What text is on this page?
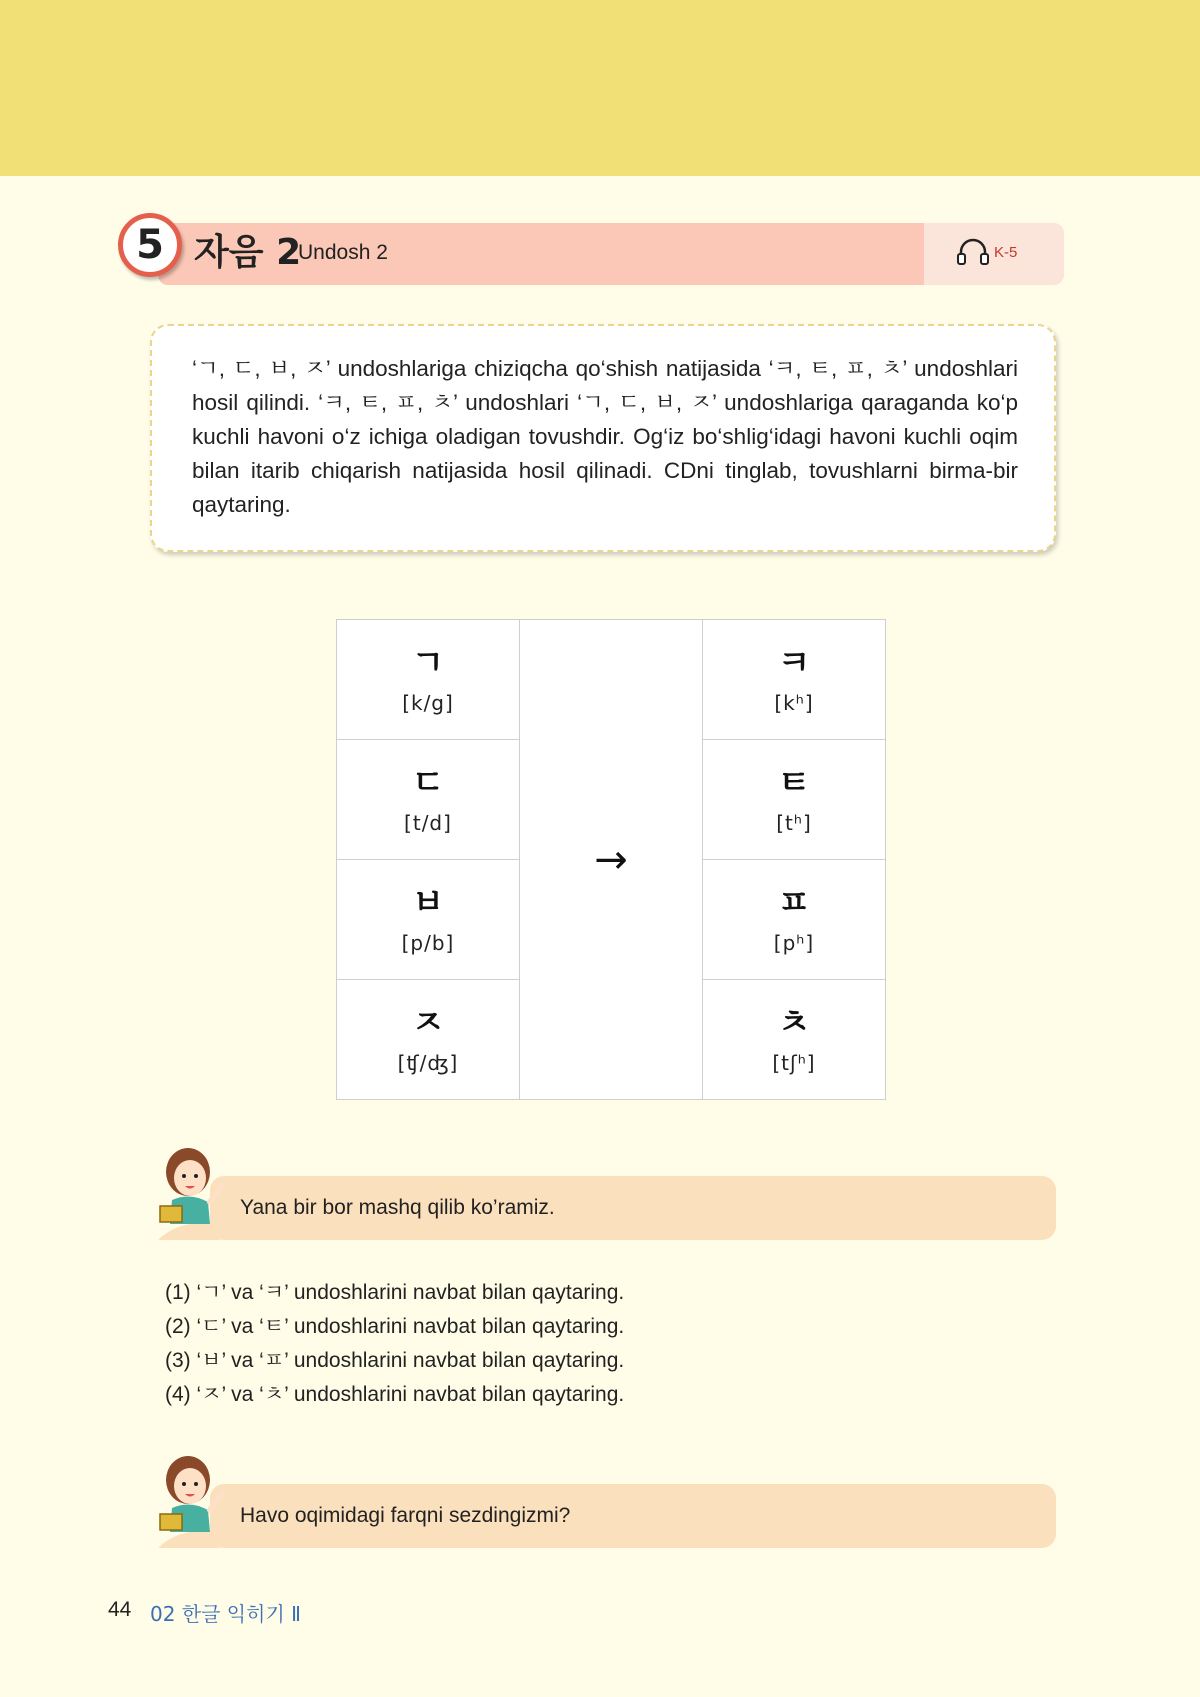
5 자음 2
Undosh 2	K-5
‘ㄱ, ㄷ, ㅂ, ㅈ’ undoshlariga chiziqcha qo‘shish natijasida ‘ㅋ, ㅌ, ㅍ, ㅊ’ undoshlari hosil qilindi. ‘ㅋ, ㅌ, ㅍ, ㅊ’ undoshlari ‘ㄱ, ㄷ, ㅂ, ㅈ’ undoshlariga qaraganda ko‘p kuchli havoni o‘z ichiga oladigan tovushdir. Og‘iz bo‘shlig‘idagi havoni kuchli oqim bilan itarib chiqarish natijasida hosil qilinadi. CDni tinglab, tovushlarni birma-bir qaytaring.
ㄱ
[k/g]	→	ㅋ
[kʰ]

ㄷ
[t/d]		ㅌ
[tʰ]

ㅂ
[p/b]		ㅍ
[pʰ]

ㅈ
[ʧ/ʤ]		ㅊ
[tʃʰ]
Yana bir bor mashq qilib ko’ramiz.
(1) ‘ㄱ’ va ‘ㅋ’ undoshlarini navbat bilan qaytaring.
(2) ‘ㄷ’ va ‘ㅌ’ undoshlarini navbat bilan qaytaring.
(3) ‘ㅂ’ va ‘ㅍ’ undoshlarini navbat bilan qaytaring.
(4) ‘ㅈ’ va ‘ㅊ’ undoshlarini navbat bilan qaytaring.
Havo oqimidagi farqni sezdingizmi?
44 02 한글 익히기 Ⅱ
